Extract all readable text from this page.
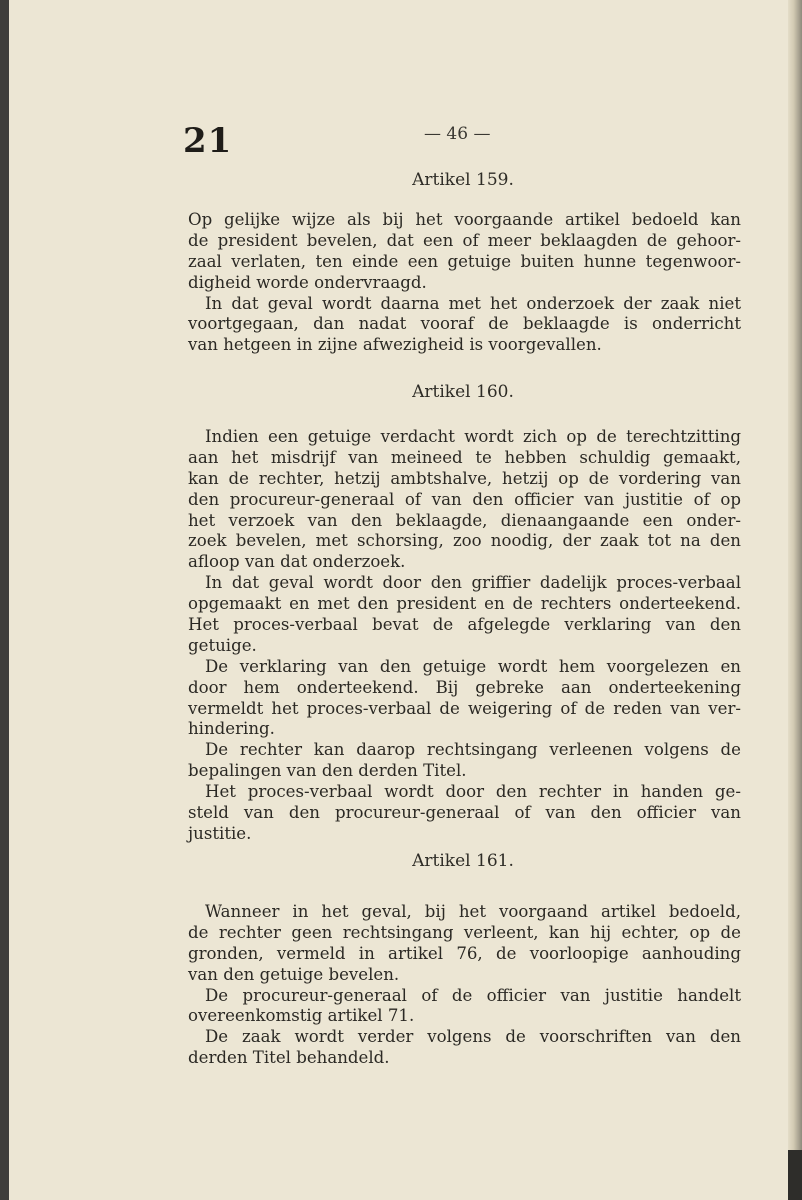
21	— 46 —
Artikel 159.
Op gelijke wijze als bij het voorgaande artikel bedoeld kan
de president bevelen, dat een of meer beklaagden de gehoor-
zaal verlaten, ten einde een getuige buiten hunne tegenwoor-
digheid worde ondervraagd.
In dat geval wordt daarna met het onderzoek der zaak niet
voortgegaan, dan nadat vooraf de beklaagde is onderricht
van hetgeen in zijne afwezigheid is voorgevallen.
Artikel 160.
Indien een getuige verdacht wordt zich op de terechtzitting
aan het misdrijf van meineed te hebben schuldig gemaakt,
kan de rechter, hetzij ambtshalve, hetzij op de vordering van
den procureur-generaal of van den officier van justitie of op
het verzoek van den beklaagde, dienaangaande een onder-
zoek bevelen, met schorsing, zoo noodig, der zaak tot na den
afloop van dat onderzoek.
In dat geval wordt door den griffier dadelijk proces-verbaal
opgemaakt en met den president en de rechters onderteekend.
Het proces-verbaal bevat de afgelegde verklaring van den
getuige.
De verklaring van den getuige wordt hem voorgelezen en
door hem onderteekend. Bij gebreke aan onderteekening
vermeldt het proces-verbaal de weigering of de reden van ver-
hindering.
De rechter kan daarop rechtsingang verleenen volgens de
bepalingen van den derden Titel.
Het proces-verbaal wordt door den rechter in handen ge-
steld van den procureur-generaal of van den officier van
justitie.
Artikel 161.
Wanneer in het geval, bij het voorgaand artikel bedoeld,
de rechter geen rechtsingang verleent, kan hij echter, op de
gronden, vermeld in artikel 76, de voorloopige aanhouding
van den getuige bevelen.
De procureur-generaal of de officier van justitie handelt
overeenkomstig artikel 71.
De zaak wordt verder volgens de voorschriften van den
derden Titel behandeld.
